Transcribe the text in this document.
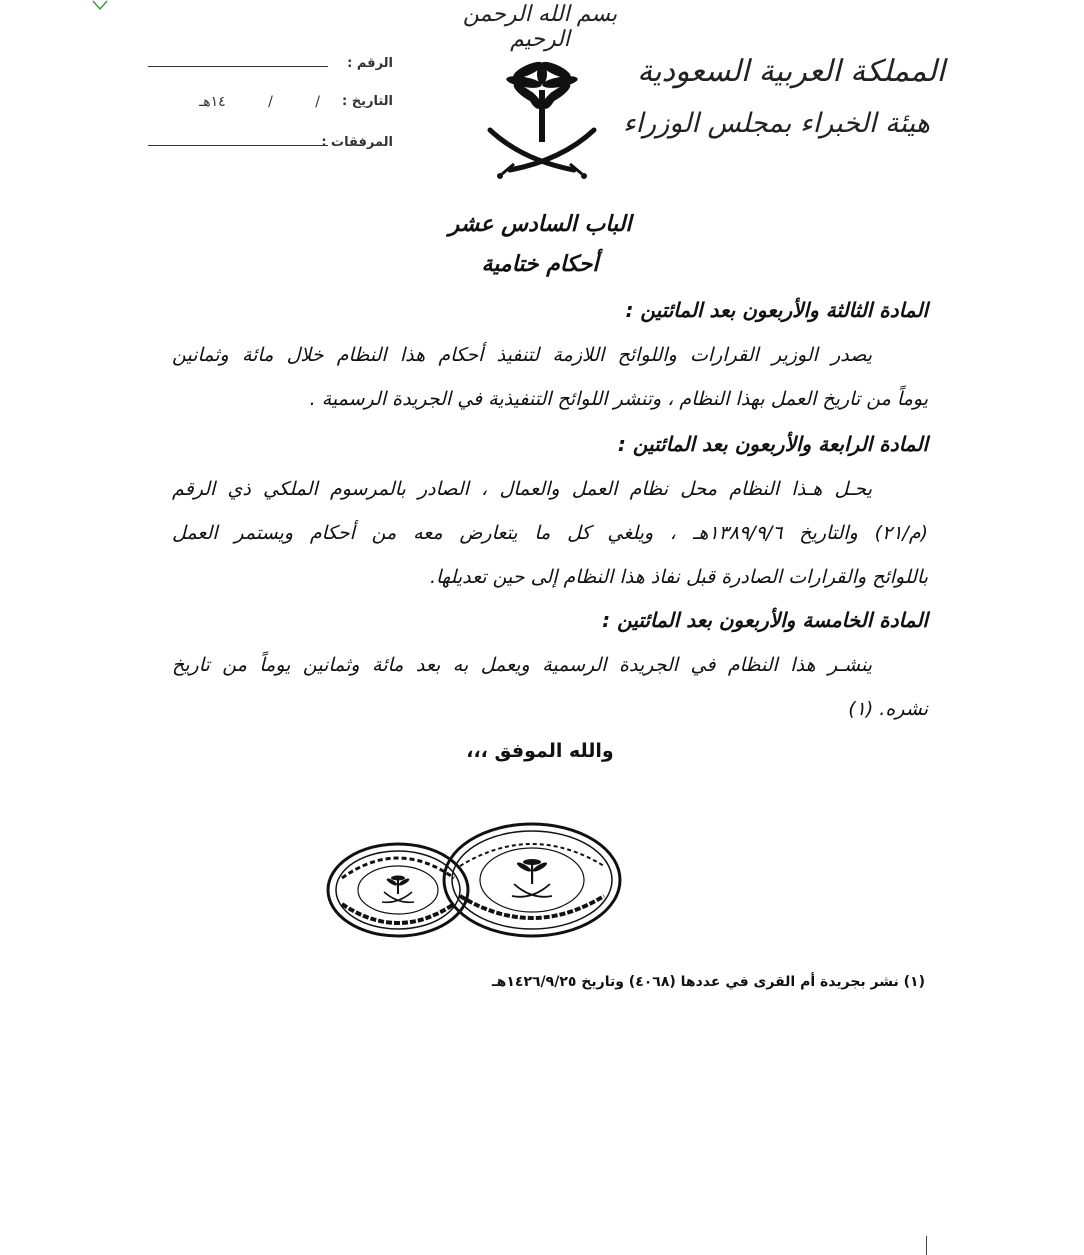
بسم الله الرحمن الرحيم
المملكة العربية السعودية
هيئة الخبراء بمجلس الوزراء
الرقم :
التاريخ :
/ / ١٤هـ
المرفقات :
الباب السادس عشر
أحكام ختامية
المادة الثالثة والأربعون بعد المائتين :
يصدر الوزير القرارات واللوائح اللازمة لتنفيذ أحكام هذا النظام خلال مائة وثمانين
يوماً من تاريخ العمل بهذا النظام ، وتنشر اللوائح التنفيذية في الجريدة الرسمية .
المادة الرابعة والأربعون بعد المائتين :
يحـل هـذا النظام محل نظام العمل والعمال ، الصادر بالمرسوم الملكي ذي الرقم
(م/٢١) والتاريخ ١٣٨٩/٩/٦هـ ، ويلغي كل ما يتعارض معه من أحكام ويستمر العمل
باللوائح والقرارات الصادرة قبل نفاذ هذا النظام إلى حين تعديلها.
المادة الخامسة والأربعون بعد المائتين :
ينشـر هذا النظام في الجريدة الرسمية ويعمل به بعد مائة وثمانين يوماً من تاريخ
نشره. (١)
والله الموفق ،،،
(١) نشر بجريدة أم القرى في عددها (٤٠٦٨) وتاريخ ١٤٢٦/٩/٢٥هـ
